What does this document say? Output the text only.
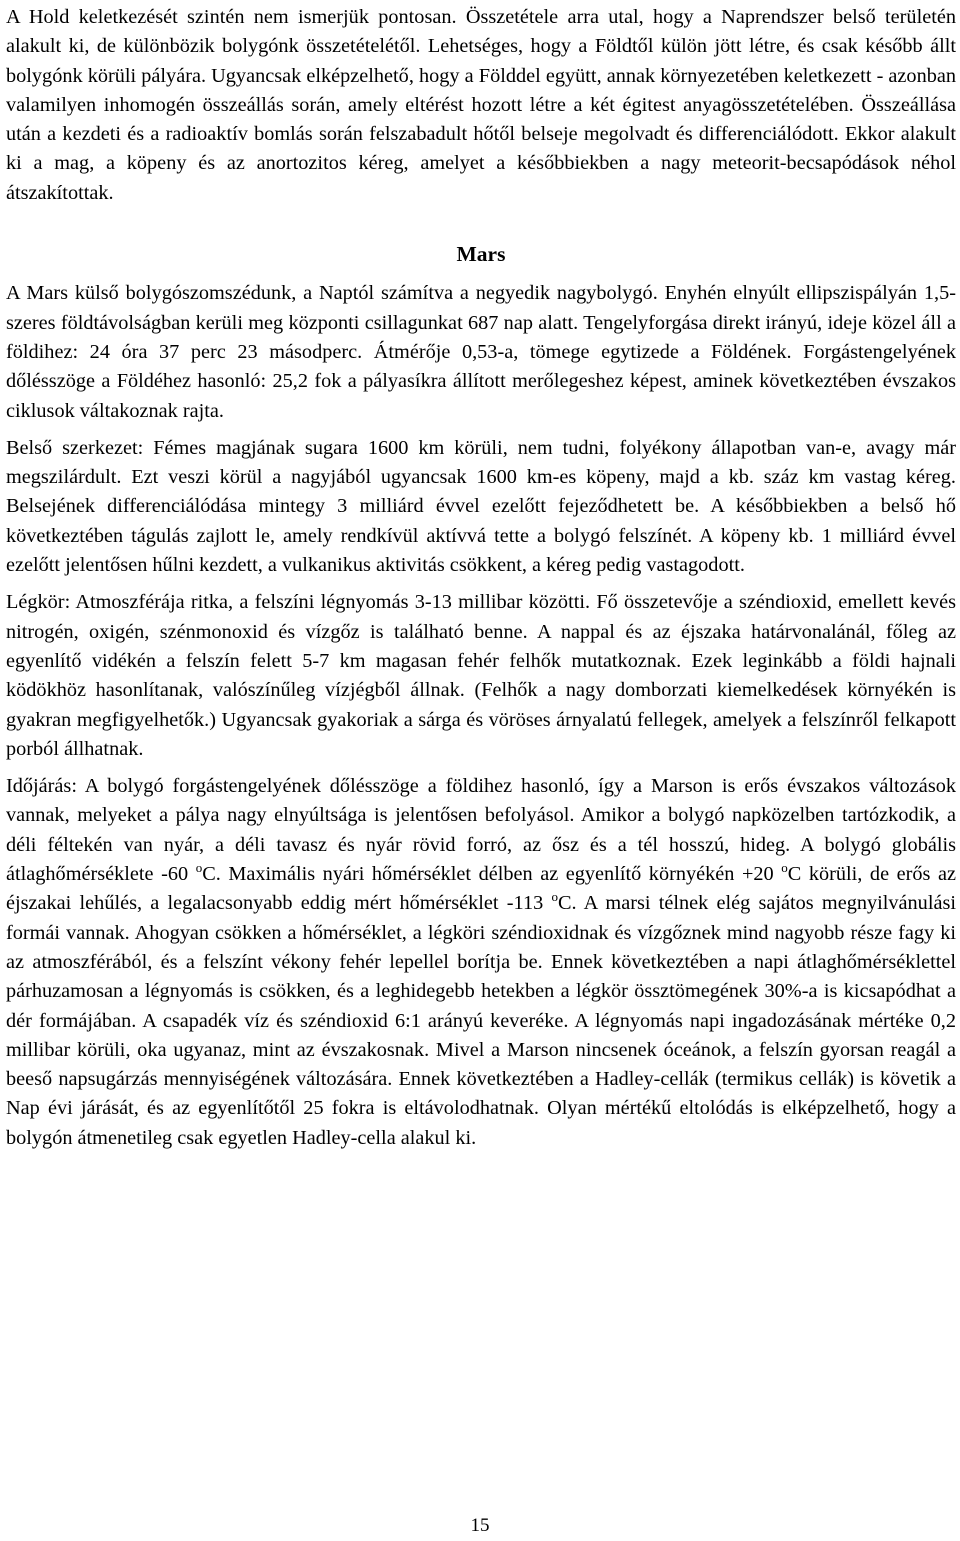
A Hold keletkezését szintén nem ismerjük pontosan. Összetétele arra utal, hogy a Naprendszer belső területén alakult ki, de különbözik bolygónk összetételétől. Lehetséges, hogy a Földtől külön jött létre, és csak később állt bolygónk körüli pályára. Ugyancsak elképzelhető, hogy a Földdel együtt, annak környezetében keletkezett - azonban valamilyen inhomogén összeállás során, amely eltérést hozott létre a két égitest anyagösszetételében. Összeállása után a kezdeti és a radioaktív bomlás során felszabadult hőtől belseje megolvadt és differenciálódott. Ekkor alakult ki a mag, a köpeny és az anortozitos kéreg, amelyet a későbbiekben a nagy meteorit-becsapódások néhol átszakítottak.

Mars

A Mars külső bolygószomszédunk, a Naptól számítva a negyedik nagybolygó. Enyhén elnyúlt ellipszispályán 1,5-szeres földtávolságban kerüli meg központi csillagunkat 687 nap alatt. Tengelyforgása direkt irányú, ideje közel áll a földihez: 24 óra 37 perc 23 másodperc. Átmérője 0,53-a, tömege egytizede a Földének. Forgástengelyének dőlésszöge a Földéhez hasonló: 25,2 fok a pályasíkra állított merőlegeshez képest, aminek következtében évszakos ciklusok váltakoznak rajta.

Belső szerkezet: Fémes magjának sugara 1600 km körüli, nem tudni, folyékony állapotban van-e, avagy már megszilárdult. Ezt veszi körül a nagyjából ugyancsak 1600 km-es köpeny, majd a kb. száz km vastag kéreg. Belsejének differenciálódása mintegy 3 milliárd évvel ezelőtt fejeződhetett be. A későbbiekben a belső hő következtében tágulás zajlott le, amely rendkívül aktívvá tette a bolygó felszínét. A köpeny kb. 1 milliárd évvel ezelőtt jelentősen hűlni kezdett, a vulkanikus aktivitás csökkent, a kéreg pedig vastagodott.

Légkör: Atmoszférája ritka, a felszíni légnyomás 3-13 millibar közötti. Fő összetevője a széndioxid, emellett kevés nitrogén, oxigén, szénmonoxid és vízgőz is található benne. A nappal és az éjszaka határvonalánál, főleg az egyenlítő vidékén a felszín felett 5-7 km magasan fehér felhők mutatkoznak. Ezek leginkább a földi hajnali ködökhöz hasonlítanak, valószínűleg vízjégből állnak. (Felhők a nagy domborzati kiemelkedések környékén is gyakran megfigyelhetők.) Ugyancsak gyakoriak a sárga és vöröses árnyalatú fellegek, amelyek a felszínről felkapott porból állhatnak.

Időjárás: A bolygó forgástengelyének dőlésszöge a földihez hasonló, így a Marson is erős évszakos változások vannak, melyeket a pálya nagy elnyúltsága is jelentősen befolyásol. Amikor a bolygó napközelben tartózkodik, a déli féltekén van nyár, a déli tavasz és nyár rövid forró, az ősz és a tél hosszú, hideg. A bolygó globális átlaghőmérséklete -60 $^o$C. Maximális nyári hőmérséklet délben az egyenlítő környékén +20 $^o$C körüli, de erős az éjszakai lehűlés, a legalacsonyabb eddig mért hőmérséklet -113 $^o$C. A marsi télnek elég sajátos megnyilvánulási formái vannak. Ahogyan csökken a hőmérséklet, a légköri széndioxidnak és vízgőznek mind nagyobb része fagy ki az atmoszférából, és a felszínt vékony fehér lepellel borítja be. Ennek következtében a napi átlaghőmérséklettel párhuzamosan a légnyomás is csökken, és a leghidegebb hetekben a légkör össztömegének 30%-a is kicsapódhat a dér formájában. A csapadék víz és széndioxid 6:1 arányú keveréke. A légnyomás napi ingadozásának mértéke 0,2 millibar körüli, oka ugyanaz, mint az évszakosnak. Mivel a Marson nincsenek óceánok, a felszín gyorsan reagál a beeső napsugárzás mennyiségének változására. Ennek következtében a Hadley-cellák (termikus cellák) is követik a Nap évi járását, és az egyenlítőtől 25 fokra is eltávolodhatnak. Olyan mértékű eltolódás is elképzelhető, hogy a bolygón átmenetileg csak egyetlen Hadley-cella alakul ki.

15
